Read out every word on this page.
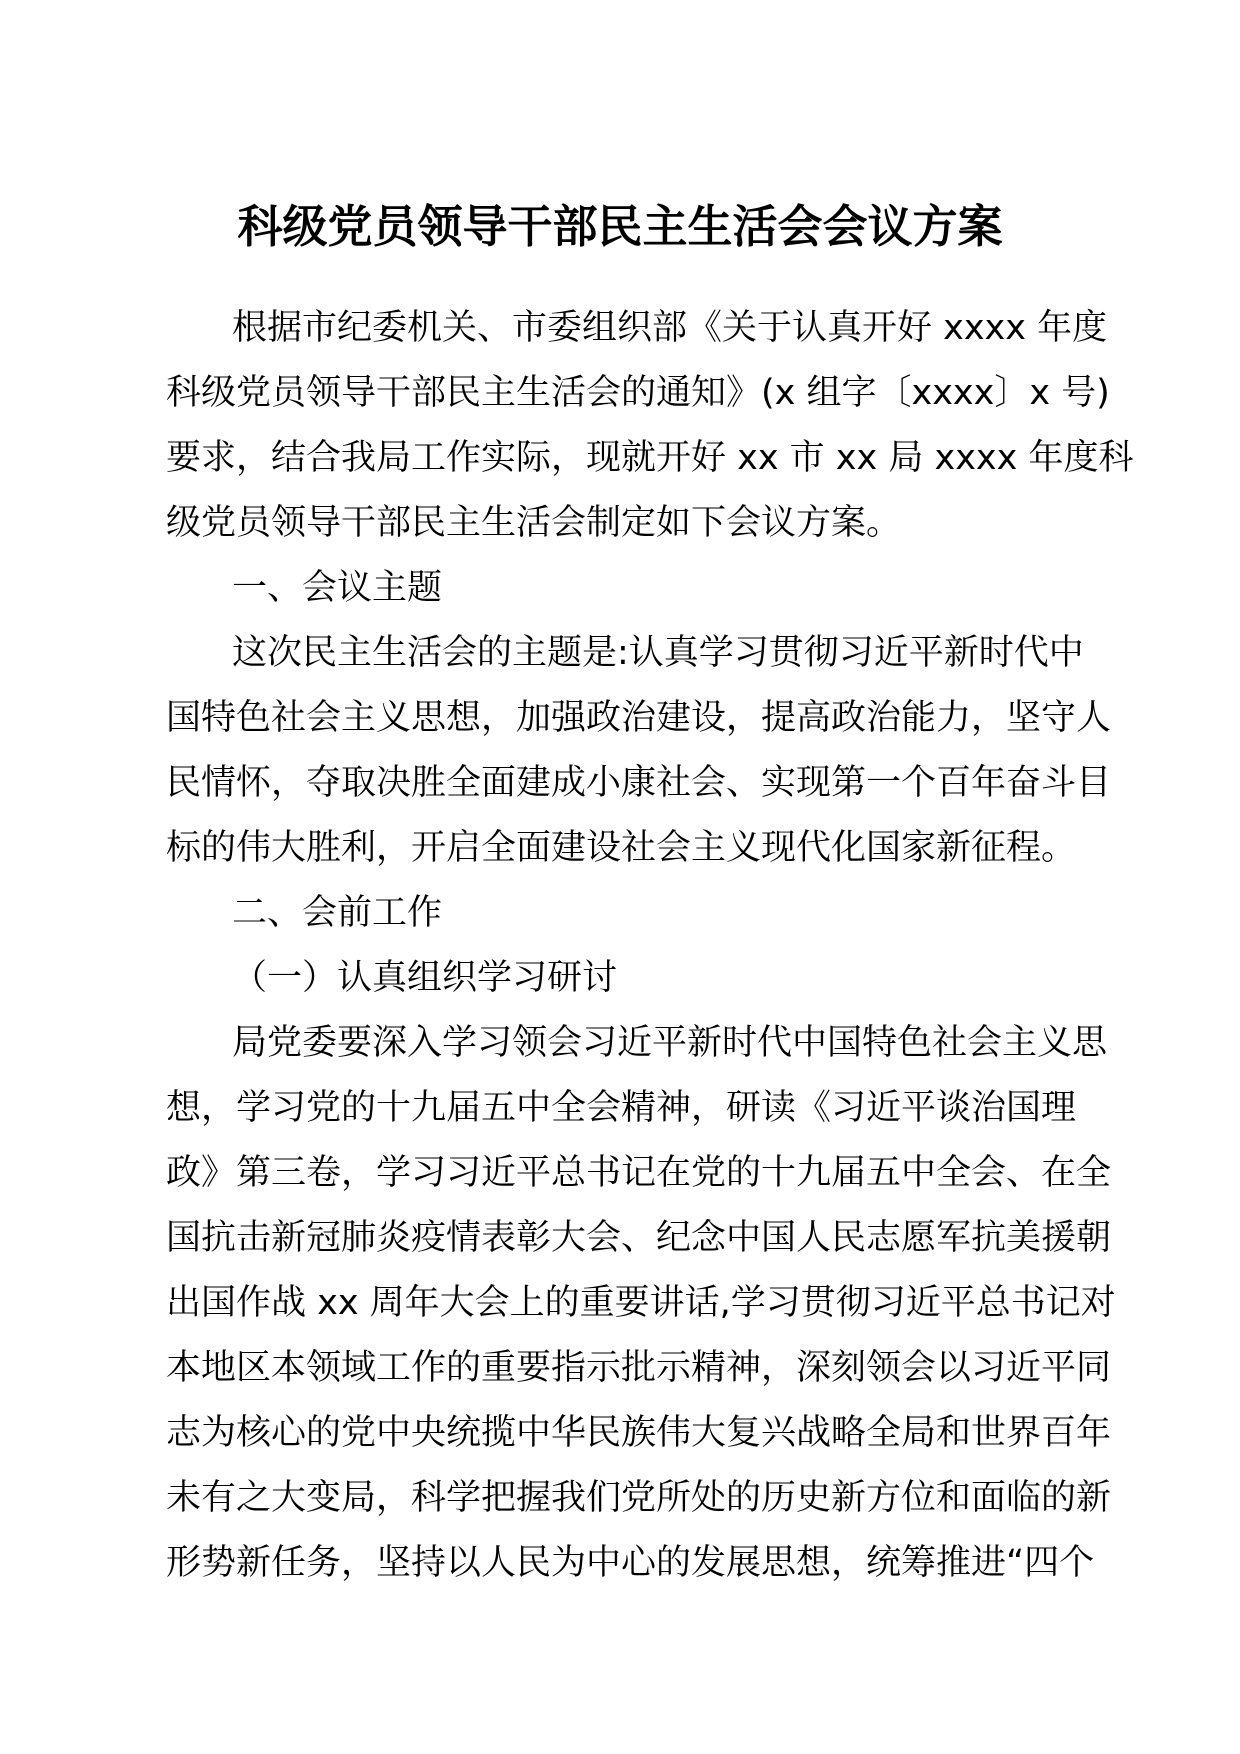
科级党员领导干部民主生活会会议方案
根据市纪委机关、市委组织部《关于认真开好 xxxx 年度
科级党员领导干部民主生活会的通知》(x 组字〔xxxx〕x 号)
要求，结合我局工作实际，现就开好 xx 市 xx 局 xxxx 年度科
级党员领导干部民主生活会制定如下会议方案。
一、会议主题
这次民主生活会的主题是:认真学习贯彻习近平新时代中
国特色社会主义思想，加强政治建设，提高政治能力，坚守人
民情怀，夺取决胜全面建成小康社会、实现第一个百年奋斗目
标的伟大胜利，开启全面建设社会主义现代化国家新征程。
二、会前工作
（一）认真组织学习研讨
局党委要深入学习领会习近平新时代中国特色社会主义思
想，学习党的十九届五中全会精神，研读《习近平谈治国理
政》第三卷，学习习近平总书记在党的十九届五中全会、在全
国抗击新冠肺炎疫情表彰大会、纪念中国人民志愿军抗美援朝
出国作战 xx 周年大会上的重要讲话,学习贯彻习近平总书记对
本地区本领域工作的重要指示批示精神，深刻领会以习近平同
志为核心的党中央统揽中华民族伟大复兴战略全局和世界百年
未有之大变局，科学把握我们党所处的历史新方位和面临的新
形势新任务，坚持以人民为中心的发展思想，统筹推进“四个
